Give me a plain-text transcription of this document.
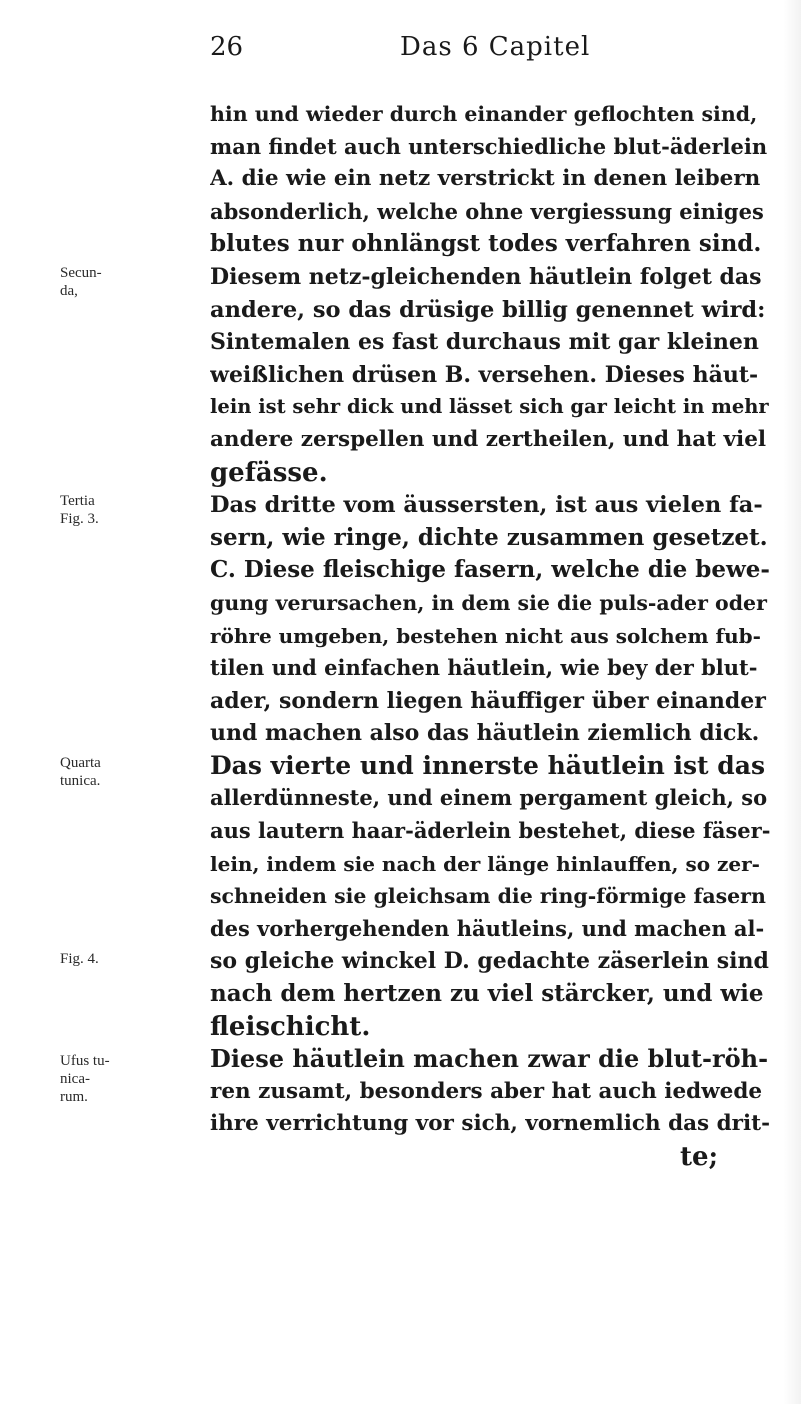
26	Das 6 Capitel
hin und wieder durch einander geflochten sind,
man findet auch unterschiedliche blut-äderlein
A. die wie ein netz verstrickt in denen leibern
absonderlich, welche ohne vergiessung einiges
blutes nur ohnlängst todes verfahren sind.
Diesem netz-gleichenden häutlein folget das
andere, so das drüsige billig genennet wird:
Sintemalen es fast durchaus mit gar kleinen
weißlichen drüsen B. versehen. Dieses häut-
lein ist sehr dick und lässet sich gar leicht in mehr
andere zerspellen und zertheilen, und hat viel
gefässe.
Das dritte vom äussersten, ist aus vielen fa-
sern, wie ringe, dichte zusammen gesetzet.
C. Diese fleischige fasern, welche die bewe-
gung verursachen, in dem sie die puls-ader oder
röhre umgeben, bestehen nicht aus solchem fub-
tilen und einfachen häutlein, wie bey der blut-
ader, sondern liegen häuffiger über einander
und machen also das häutlein ziemlich dick.
Das vierte und innerste häutlein ist das
allerdünneste, und einem pergament gleich, so
aus lautern haar-äderlein bestehet, diese fäser-
lein, indem sie nach der länge hinlauffen, so zer-
schneiden sie gleichsam die ring-förmige fasern
des vorhergehenden häutleins, und machen al-
so gleiche winckel D. gedachte zäserlein sind
nach dem hertzen zu viel stärcker, und wie
fleischicht.
Diese häutlein machen zwar die blut-röh-
ren zusamt, besonders aber hat auch iedwede
ihre verrichtung vor sich, vornemlich das drit-
te;
Secun-
da,
Tertia
Fig. 3.
Quarta
tunica.
Fig. 4.
Ufus tu-
nica-
rum.
